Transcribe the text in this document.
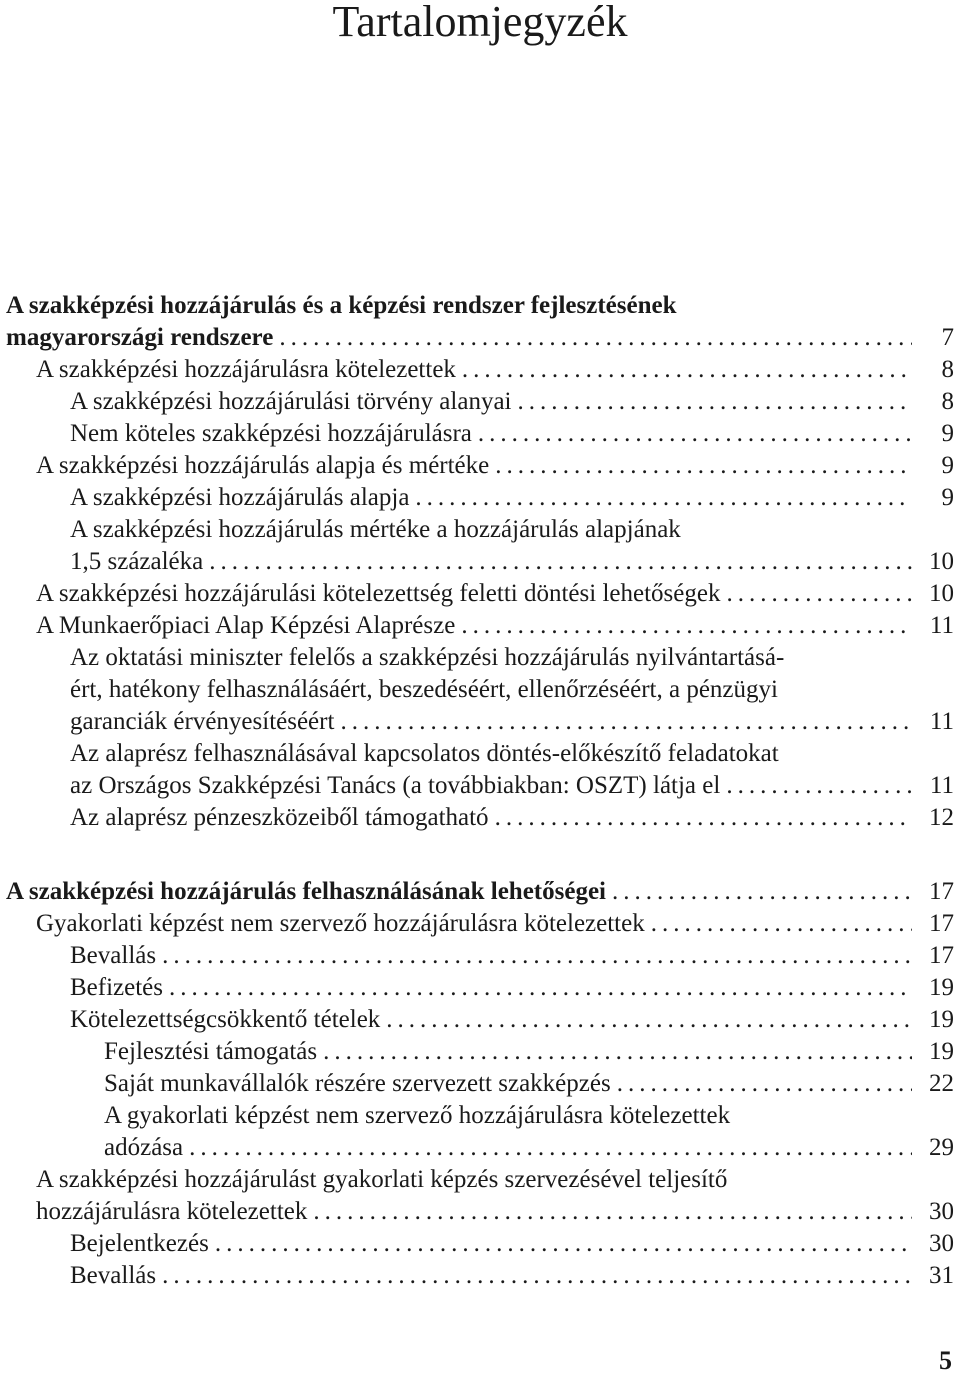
Tartalomjegyzék
A szakképzési hozzájárulás és a képzési rendszer fejlesztésének
magyarországi rendszere .....	7
A szakképzési hozzájárulásra kötelezettek .....	8
A szakképzési hozzájárulási törvény alanyai .....	8
Nem köteles szakképzési hozzájárulásra .....	9
A szakképzési hozzájárulás alapja és mértéke .....	9
A szakképzési hozzájárulás alapja .....	9
A szakképzési hozzájárulás mértéke a hozzájárulás alapjának
1,5 százaléka .....	10
A szakképzési hozzájárulási kötelezettség feletti döntési lehetőségek .....	10
A Munkaerőpiaci Alap Képzési Alaprésze .....	11
Az oktatási miniszter felelős a szakképzési hozzájárulás nyilvántartásá-
ért, hatékony felhasználásáért, beszedéséért, ellenőrzéséért, a pénzügyi
garanciák érvényesítéséért .....	11
Az alaprész felhasználásával kapcsolatos döntés-előkészítő feladatokat
az Országos Szakképzési Tanács (a továbbiakban: OSZT) látja el .....	11
Az alaprész pénzeszközeiből támogatható .....	12
A szakképzési hozzájárulás felhasználásának lehetőségei .....	17
Gyakorlati képzést nem szervező hozzájárulásra kötelezettek .....	17
Bevallás .....	17
Befizetés .....	19
Kötelezettségcsökkentő tételek .....	19
Fejlesztési támogatás .....	19
Saját munkavállalók részére szervezett szakképzés .....	22
A gyakorlati képzést nem szervező hozzájárulásra kötelezettek
adózása .....	29
A szakképzési hozzájárulást gyakorlati képzés szervezésével teljesítő
hozzájárulásra kötelezettek .....	30
Bejelentkezés .....	30
Bevallás .....	31
5
